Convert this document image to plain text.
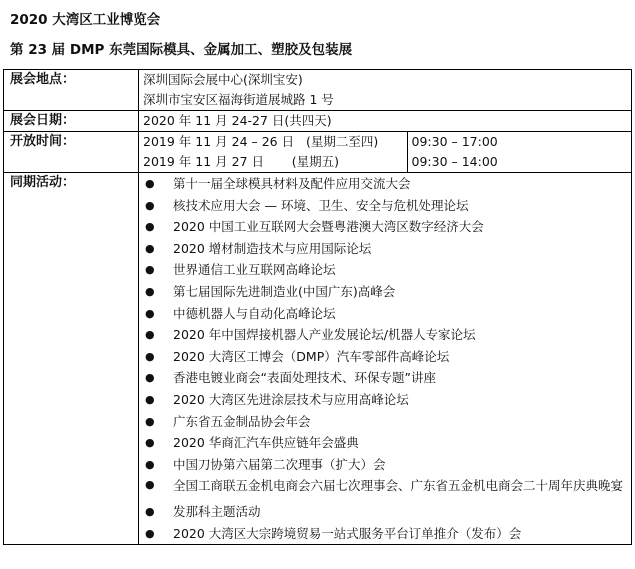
2020 大湾区工业博览会
第 23 届 DMP 东莞国际模具、金属加工、塑胶及包装展
展会地点：	深圳国际会展中心(深圳宝安)
深圳市宝安区福海街道展城路 1 号

展会日期：	2020 年 11 月 24-27 日(共四天)
开放时间：		2019 年 11 月 24 – 26 日   (星期二至四)	09:30 – 17:00
2019 年 11 月 27 日       (星期五)	09:30 – 14:00

同期活动：	● 第十一届全球模具材料及配件应用交流大会
● 核技术应用大会 — 环境、卫生、安全与危机处理论坛
● 2020 中国工业互联网大会暨粤港澳大湾区数字经济大会
● 2020 增材制造技术与应用国际论坛
● 世界通信工业互联网高峰论坛
● 第七届国际先进制造业(中国广东)高峰会
● 中德机器人与自动化高峰论坛
● 2020 年中国焊接机器人产业发展论坛/机器人专家论坛
● 2020 大湾区工博会（DMP）汽车零部件高峰论坛
● 香港电镀业商会“表面处理技术、环保专题”讲座
● 2020 大湾区先进涂层技术与应用高峰论坛
● 广东省五金制品协会年会
● 2020 华商汇汽车供应链年会盛典
● 中国刀协第六届第二次理事（扩大）会
● 全国工商联五金机电商会六届七次理事会、广东省五金机电商会二十周年庆典晚宴
● 发那科主题活动
● 2020 大湾区大宗跨境贸易一站式服务平台订单推介（发布）会
